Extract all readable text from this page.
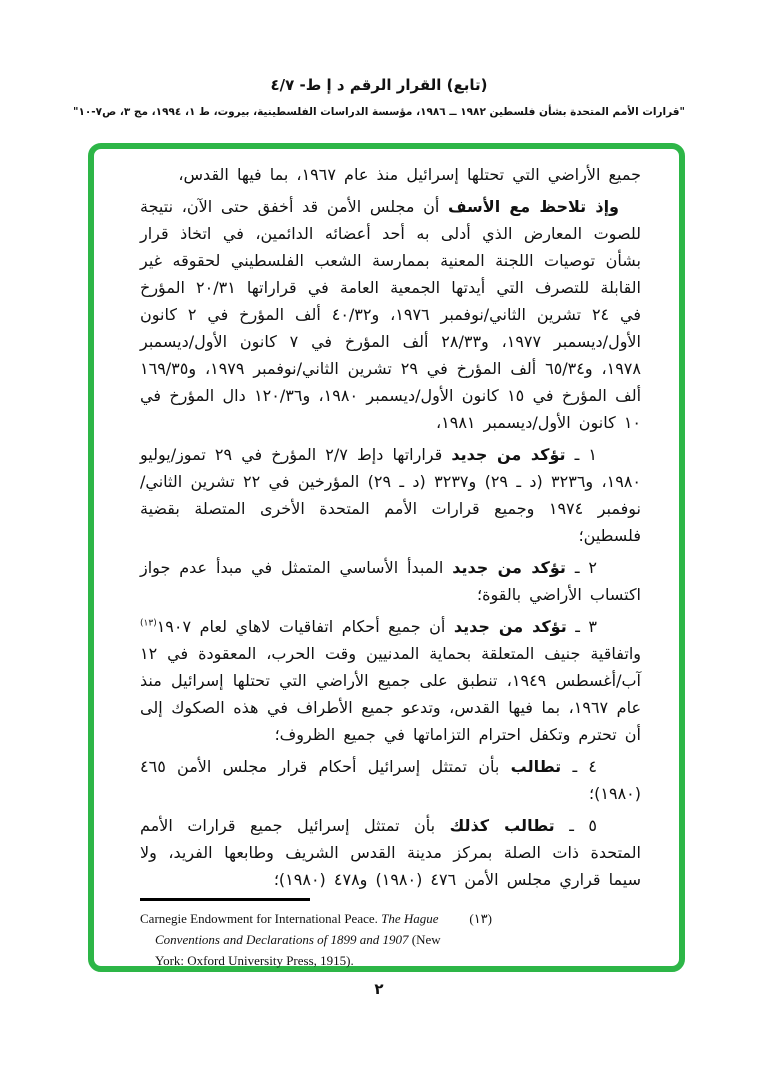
(تابع) القرار الرقم د إ ط- ٤/٧
"قرارات الأمم المتحدة بشأن فلسطين ١٩٨٢ ــ ١٩٨٦، مؤسسة الدراسات الفلسطينية، بيروت، ط ١، ١٩٩٤، مج ٣، ص٧-١٠"

جميع الأراضي التي تحتلها إسرائيل منذ عام ١٩٦٧، بما فيها القدس،

وإذ تلاحظ مع الأسف أن مجلس الأمن قد أخفق حتى الآن، نتيجة للصوت المعارض الذي أدلى به أحد أعضائه الدائمين، في اتخاذ قرار بشأن توصيات اللجنة المعنية بممارسة الشعب الفلسطيني لحقوقه غير القابلة للتصرف التي أيدتها الجمعية العامة في قراراتها ٢٠/٣١ المؤرخ في ٢٤ تشرين الثاني/نوفمبر ١٩٧٦، و٤٠/٣٢ ألف المؤرخ في ٢ كانون الأول/ديسمبر ١٩٧٧، و٢٨/٣٣ ألف المؤرخ في ٧ كانون الأول/ديسمبر ١٩٧٨، و٦٥/٣٤ ألف المؤرخ في ٢٩ تشرين الثاني/نوفمبر ١٩٧٩، و١٦٩/٣٥ ألف المؤرخ في ١٥ كانون الأول/ديسمبر ١٩٨٠، و١٢٠/٣٦ دال المؤرخ في ١٠ كانون الأول/ديسمبر ١٩٨١،

١ ـ تؤكد من جديد قراراتها دإط ٢/٧ المؤرخ في ٢٩ تموز/يوليو ١٩٨٠، و٣٢٣٦ (د ـ ٢٩) و٣٢٣٧ (د ـ ٢٩) المؤرخين في ٢٢ تشرين الثاني/نوفمبر ١٩٧٤ وجميع قرارات الأمم المتحدة الأخرى المتصلة بقضية فلسطين؛

٢ ـ تؤكد من جديد المبدأ الأساسي المتمثل في مبدأ عدم جواز اكتساب الأراضي بالقوة؛

٣ ـ تؤكد من جديد أن جميع أحكام اتفاقيات لاهاي لعام ١٩٠٧$^{(١٣)}$ واتفاقية جنيف المتعلقة بحماية المدنيين وقت الحرب، المعقودة في ١٢ آب/أغسطس ١٩٤٩، تنطبق على جميع الأراضي التي تحتلها إسرائيل منذ عام ١٩٦٧، بما فيها القدس، وتدعو جميع الأطراف في هذه الصكوك إلى أن تحترم وتكفل احترام التزاماتها في جميع الظروف؛

٤ ـ تطالب بأن تمتثل إسرائيل أحكام قرار مجلس الأمن ٤٦٥ (١٩٨٠)؛

٥ ـ تطالب كذلك بأن تمتثل إسرائيل جميع قرارات الأمم المتحدة ذات الصلة بمركز مدينة القدس الشريف وطابعها الفريد، ولا سيما قراري مجلس الأمن ٤٧٦ (١٩٨٠) و٤٧٨ (١٩٨٠)؛

Carnegie Endowment for International Peace. The Hague (١٣)
Conventions and Declarations of 1899 and 1907 (New
York: Oxford University Press, 1915).
٢
